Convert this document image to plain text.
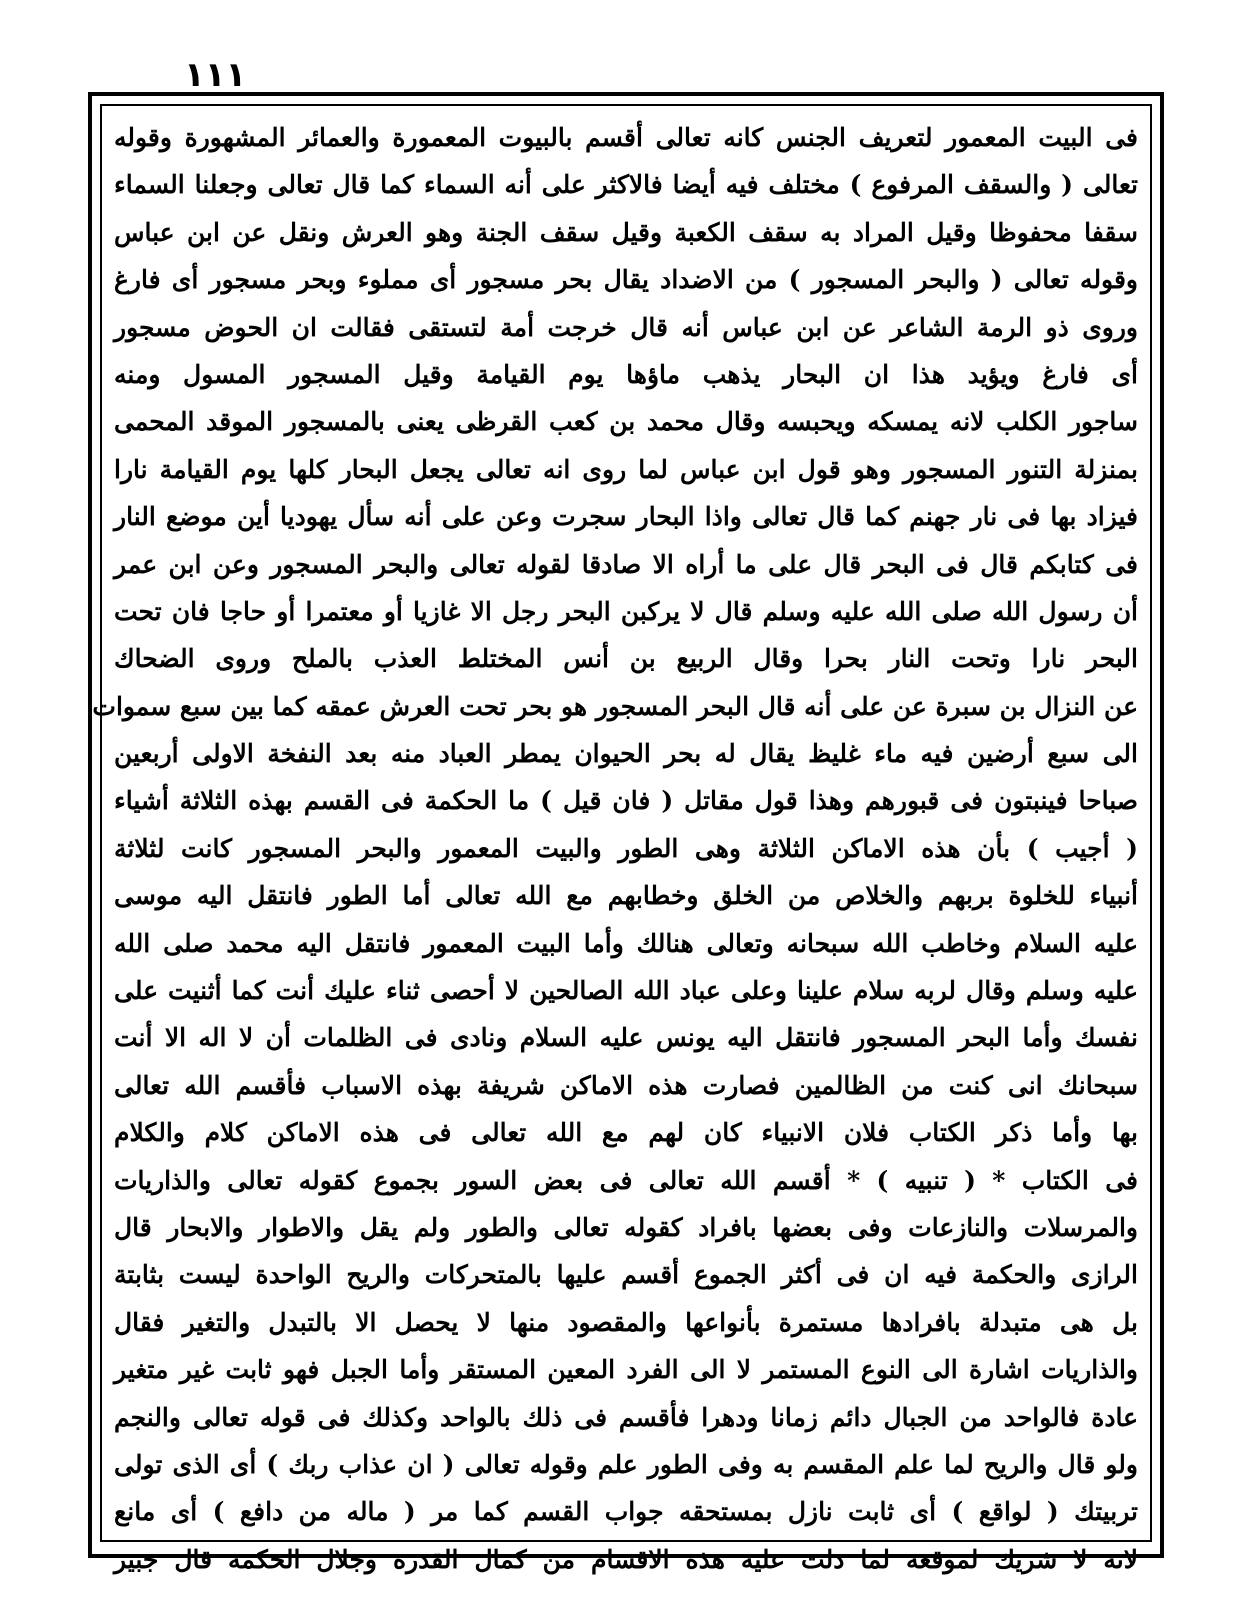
١١١
فى البيت المعمور لتعريف الجنس كانه تعالى أقسم بالبيوت المعمورة والعمائر المشهورة وقوله
تعالى ( والسقف المرفوع ) مختلف فيه أيضا فالاكثر على أنه السماء كما قال تعالى وجعلنا السماء
سقفا محفوظا وقيل المراد به سقف الكعبة وقيل سقف الجنة وهو العرش ونقل عن ابن عباس
وقوله تعالى ( والبحر المسجور ) من الاضداد يقال بحر مسجور أى مملوء وبحر مسجور أى فارغ
وروى ذو الرمة الشاعر عن ابن عباس أنه قال خرجت أمة لتستقى فقالت ان الحوض مسجور
أى فارغ ويؤيد هذا ان البحار يذهب ماؤها يوم القيامة وقيل المسجور المسول ومنه
ساجور الكلب لانه يمسكه ويحبسه وقال محمد بن كعب القرظى يعنى بالمسجور الموقد المحمى
بمنزلة التنور المسجور وهو قول ابن عباس لما روى انه تعالى يجعل البحار كلها يوم القيامة نارا
فيزاد بها فى نار جهنم كما قال تعالى واذا البحار سجرت وعن على أنه سأل يهوديا أين موضع النار
فى كتابكم قال فى البحر قال على ما أراه الا صادقا لقوله تعالى والبحر المسجور وعن ابن عمر
أن رسول الله صلى الله عليه وسلم قال لا يركبن البحر رجل الا غازيا أو معتمرا أو حاجا فان تحت
البحر نارا وتحت النار بحرا وقال الربيع بن أنس المختلط العذب بالملح وروى الضحاك
عن النزال بن سبرة عن على أنه قال البحر المسجور هو بحر تحت العرش عمقه كما بين سبع سموات
الى سبع أرضين فيه ماء غليظ يقال له بحر الحيوان يمطر العباد منه بعد النفخة الاولى أربعين
صباحا فينبتون فى قبورهم وهذا قول مقاتل ( فان قيل ) ما الحكمة فى القسم بهذه الثلاثة أشياء
( أجيب ) بأن هذه الاماكن الثلاثة وهى الطور والبيت المعمور والبحر المسجور كانت لثلاثة
أنبياء للخلوة بربهم والخلاص من الخلق وخطابهم مع الله تعالى أما الطور فانتقل اليه موسى
عليه السلام وخاطب الله سبحانه وتعالى هنالك وأما البيت المعمور فانتقل اليه محمد صلى الله
عليه وسلم وقال لربه سلام علينا وعلى عباد الله الصالحين لا أحصى ثناء عليك أنت كما أثنيت على
نفسك وأما البحر المسجور فانتقل اليه يونس عليه السلام ونادى فى الظلمات أن لا اله الا أنت
سبحانك انى كنت من الظالمين فصارت هذه الاماكن شريفة بهذه الاسباب فأقسم الله تعالى
بها وأما ذكر الكتاب فلان الانبياء كان لهم مع الله تعالى فى هذه الاماكن كلام والكلام
فى الكتاب * ( تنبيه ) * أقسم الله تعالى فى بعض السور بجموع كقوله تعالى والذاريات
والمرسلات والنازعات وفى بعضها بافراد كقوله تعالى والطور ولم يقل والاطوار والابحار قال
الرازى والحكمة فيه ان فى أكثر الجموع أقسم عليها بالمتحركات والريح الواحدة ليست بثابتة
بل هى متبدلة بافرادها مستمرة بأنواعها والمقصود منها لا يحصل الا بالتبدل والتغير فقال
والذاريات اشارة الى النوع المستمر لا الى الفرد المعين المستقر وأما الجبل فهو ثابت غير متغير
عادة فالواحد من الجبال دائم زمانا ودهرا فأقسم فى ذلك بالواحد وكذلك فى قوله تعالى والنجم
ولو قال والريح لما علم المقسم به وفى الطور علم وقوله تعالى ( ان عذاب ربك ) أى الذى تولى
تربيتك ( لواقع ) أى ثابت نازل بمستحقه جواب القسم كما مر ( ماله من دافع ) أى مانع
لانه لا شريك لموقعه لما دلت عليه هذه الاقسام من كمال القدرة وجلال الحكمة قال جبير
